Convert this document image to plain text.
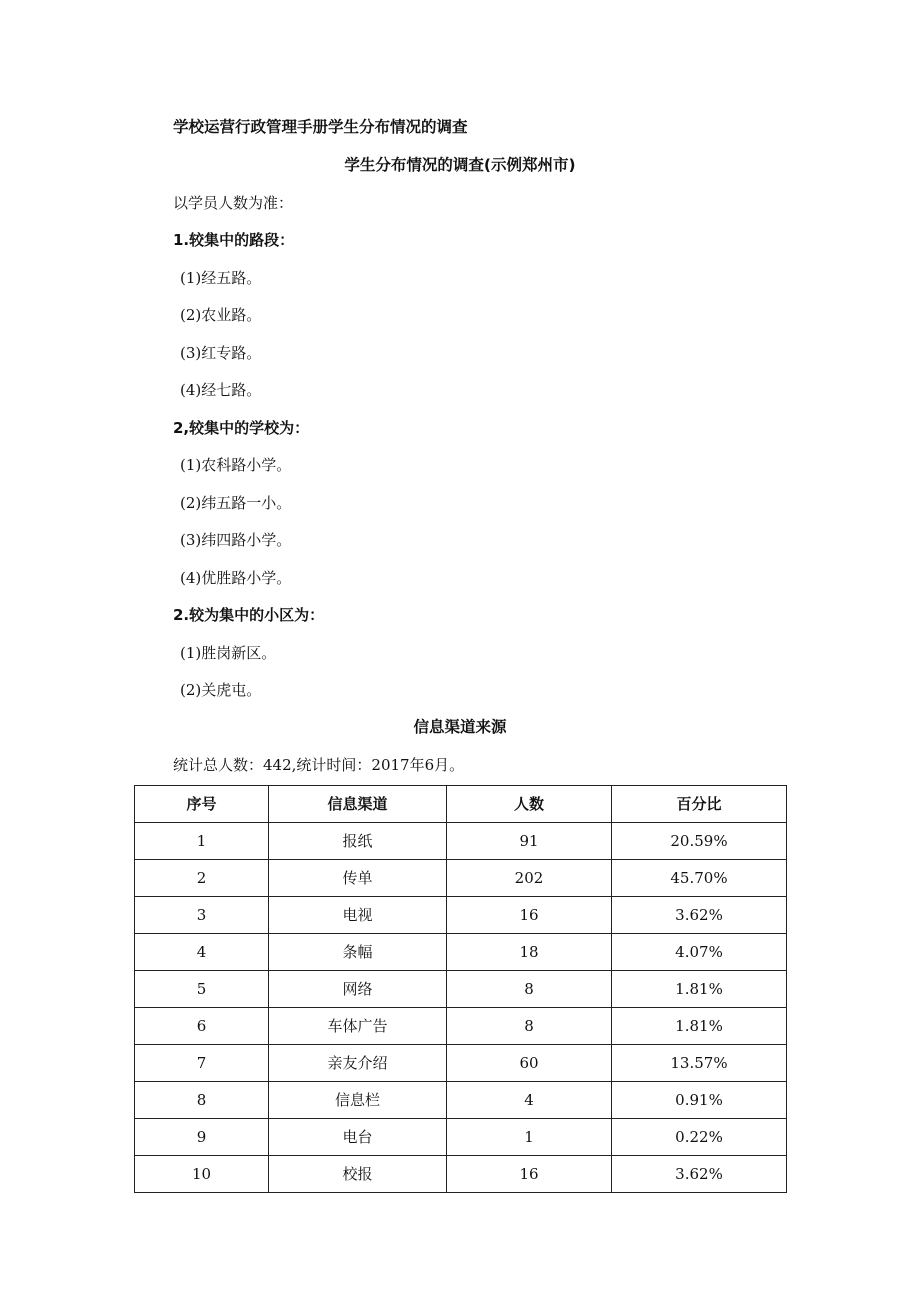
学校运营行政管理手册学生分布情况的调查
学生分布情况的调查(示例郑州市)
以学员人数为准：
1.较集中的路段：
(1)经五路。
(2)农业路。
(3)红专路。
(4)经七路。
2,较集中的学校为：
(1)农科路小学。
(2)纬五路一小。
(3)纬四路小学。
(4)优胜路小学。
2.较为集中的小区为：
(1)胜岗新区。
(2)关虎屯。
信息渠道来源
统计总人数：442,统计时间：2017年6月。
序号	信息渠道	人数	百分比
1	报纸	91	20.59%
2	传单	202	45.70%
3	电视	16	3.62%
4	条幅	18	4.07%
5	网络	8	1.81%
6	车体广告	8	1.81%
7	亲友介绍	60	13.57%
8	信息栏	4	0.91%
9	电台	1	0.22%
10	校报	16	3.62%
